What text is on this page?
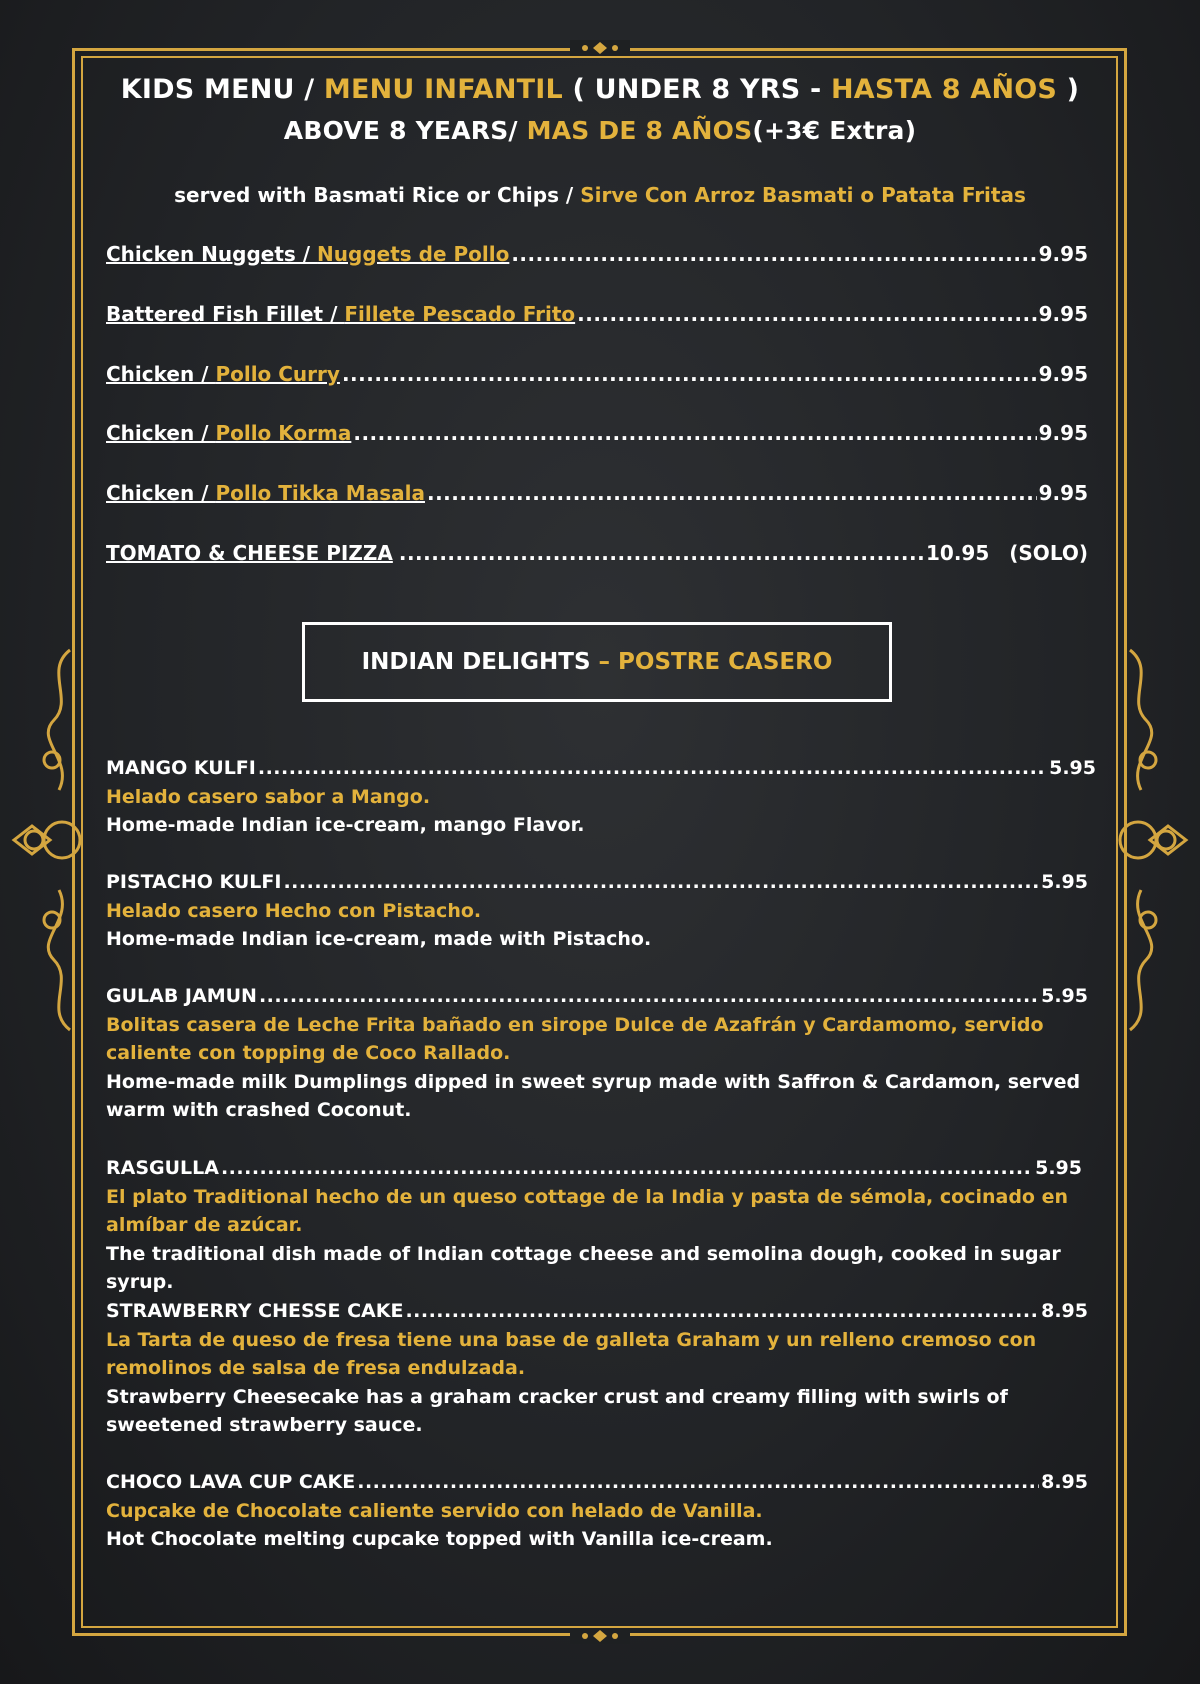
KIDS MENU / MENU INFANTIL ( UNDER 8 YRS - HASTA 8 AÑOS )
ABOVE 8 YEARS/ MAS DE 8 AÑOS(+3€ Extra)
served with Basmati Rice or Chips / Sirve Con Arroz Basmati o Patata Fritas
Chicken Nuggets / Nuggets de Pollo .....	9.95
Battered Fish Fillet / Fillete Pescado Frito .....	9.95
Chicken / Pollo Curry .....	9.95
Chicken / Pollo Korma .....	9.95
Chicken / Pollo Tikka Masala .....	9.95
TOMATO & CHEESE PIZZA .....	10.95 (SOLO)
INDIAN DELIGHTS
– POSTRE CASERO
MANGO KULFI .....	5.95
Helado casero sabor a Mango.
Home-made Indian ice-cream, mango Flavor.
PISTACHO KULFI .....	5.95
Helado casero Hecho con Pistacho.
Home-made Indian ice-cream, made with Pistacho.
GULAB JAMUN .....	5.95
Bolitas casera de Leche Frita bañado en sirope Dulce de Azafrán y Cardamomo, servido caliente con topping de Coco Rallado.
Home-made milk Dumplings dipped in sweet syrup made with Saffron & Cardamon, served warm with crashed Coconut.
RASGULLA .....	5.95
El plato Traditional hecho de un queso cottage de la India y pasta de sémola, cocinado en almíbar de azúcar.
The traditional dish made of Indian cottage cheese and semolina dough, cooked in sugar syrup.
STRAWBERRY CHESSE CAKE .....	8.95
La Tarta de queso de fresa tiene una base de galleta Graham y un relleno cremoso con remolinos de salsa de fresa endulzada.
Strawberry Cheesecake has a graham cracker crust and creamy filling with swirls of sweetened strawberry sauce.
CHOCO LAVA CUP CAKE .....	8.95
Cupcake de Chocolate caliente servido con helado de Vanilla.
Hot Chocolate melting cupcake topped with Vanilla ice-cream.
